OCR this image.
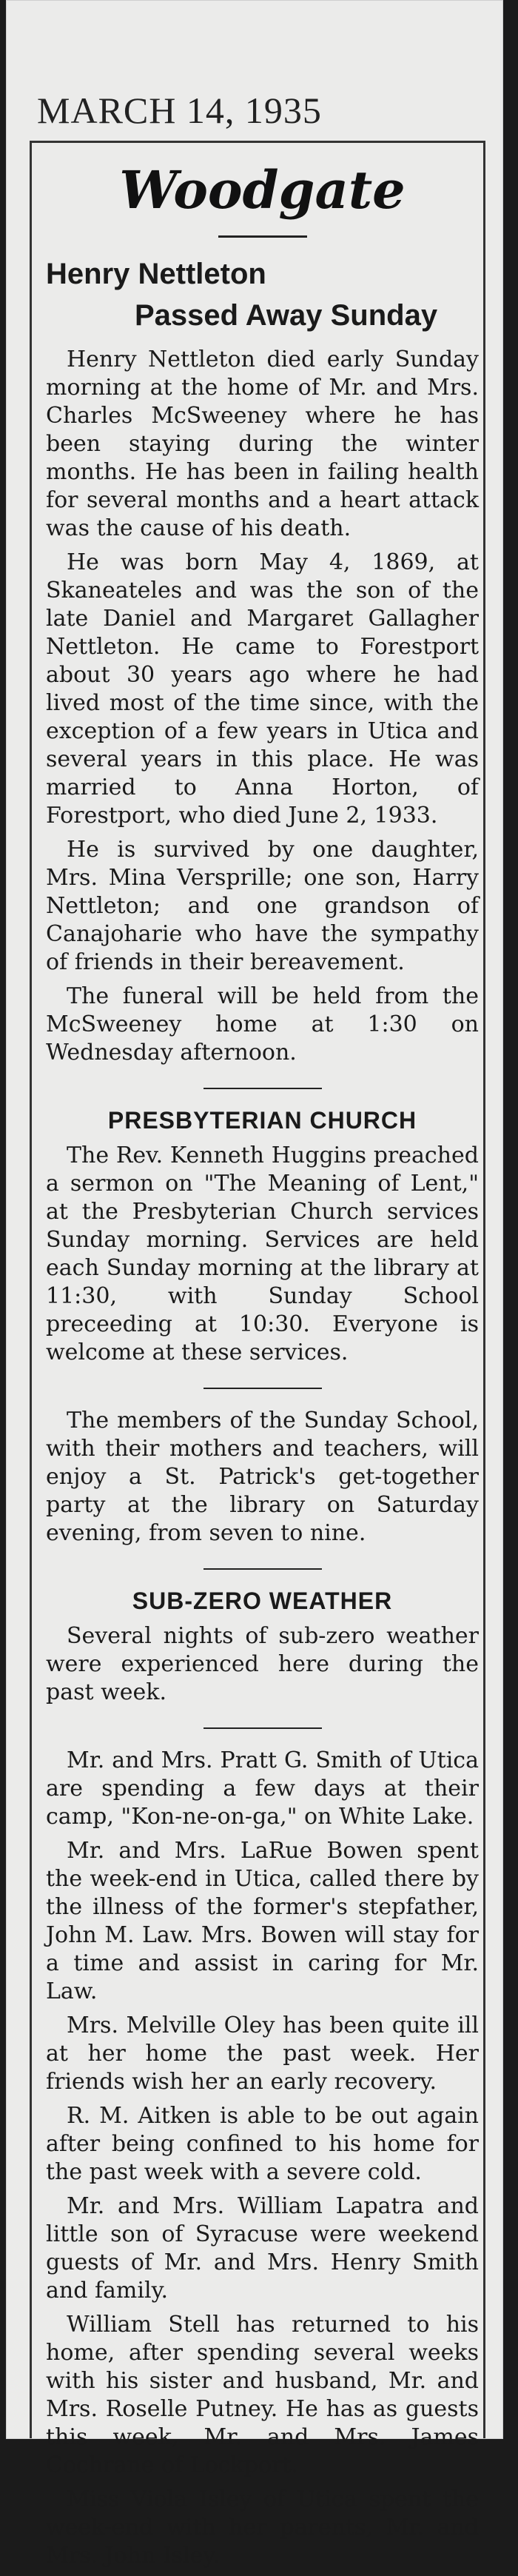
MARCH 14, 1935
Woodgate
Henry Nettleton
Passed Away Sunday

Henry Nettleton died early Sunday morning at the home of Mr. and Mrs. Charles McSweeney where he has been staying during the winter months. He has been in failing health for several months and a heart attack was the cause of his death.

He was born May 4, 1869, at Skaneateles and was the son of the late Daniel and Margaret Gallagher Nettleton. He came to Forestport about 30 years ago where he had lived most of the time since, with the exception of a few years in Utica and several years in this place. He was married to Anna Horton, of Forestport, who died June 2, 1933.

He is survived by one daughter, Mrs. Mina Versprille; one son, Harry Nettleton; and one grandson of Canajoharie who have the sympathy of friends in their bereavement.

The funeral will be held from the McSweeney home at 1:30 on Wednesday afternoon.

PRESBYTERIAN CHURCH

The Rev. Kenneth Huggins preached a sermon on "The Meaning of Lent," at the Presbyterian Church services Sunday morning. Services are held each Sunday morning at the library at 11:30, with Sunday School preceeding at 10:30. Everyone is welcome at these services.

The members of the Sunday School, with their mothers and teachers, will enjoy a St. Patrick's get-together party at the library on Saturday evening, from seven to nine.

SUB-ZERO WEATHER

Several nights of sub-zero weather were experienced here during the past week.

Mr. and Mrs. Pratt G. Smith of Utica are spending a few days at their camp, "Kon-ne-on-ga," on White Lake.

Mr. and Mrs. LaRue Bowen spent the week-end in Utica, called there by the illness of the former's stepfather, John M. Law. Mrs. Bowen will stay for a time and assist in caring for Mr. Law.

Mrs. Melville Oley has been quite ill at her home the past week. Her friends wish her an early recovery.

R. M. Aitken is able to be out again after being confined to his home for the past week with a severe cold.

Mr. and Mrs. William Lapatra and little son of Syracuse were weekend guests of Mr. and Mrs. Henry Smith and family.

William Stell has returned to his home, after spending several weeks with his sister and husband, Mr. and Mrs. Roselle Putney. He has as guests this week, Mr. and Mrs. James Cochrane of Lockport.

Miss Viola Isley of Utica spent the week-end with her parents, Mr. and Mrs. John Isley.
